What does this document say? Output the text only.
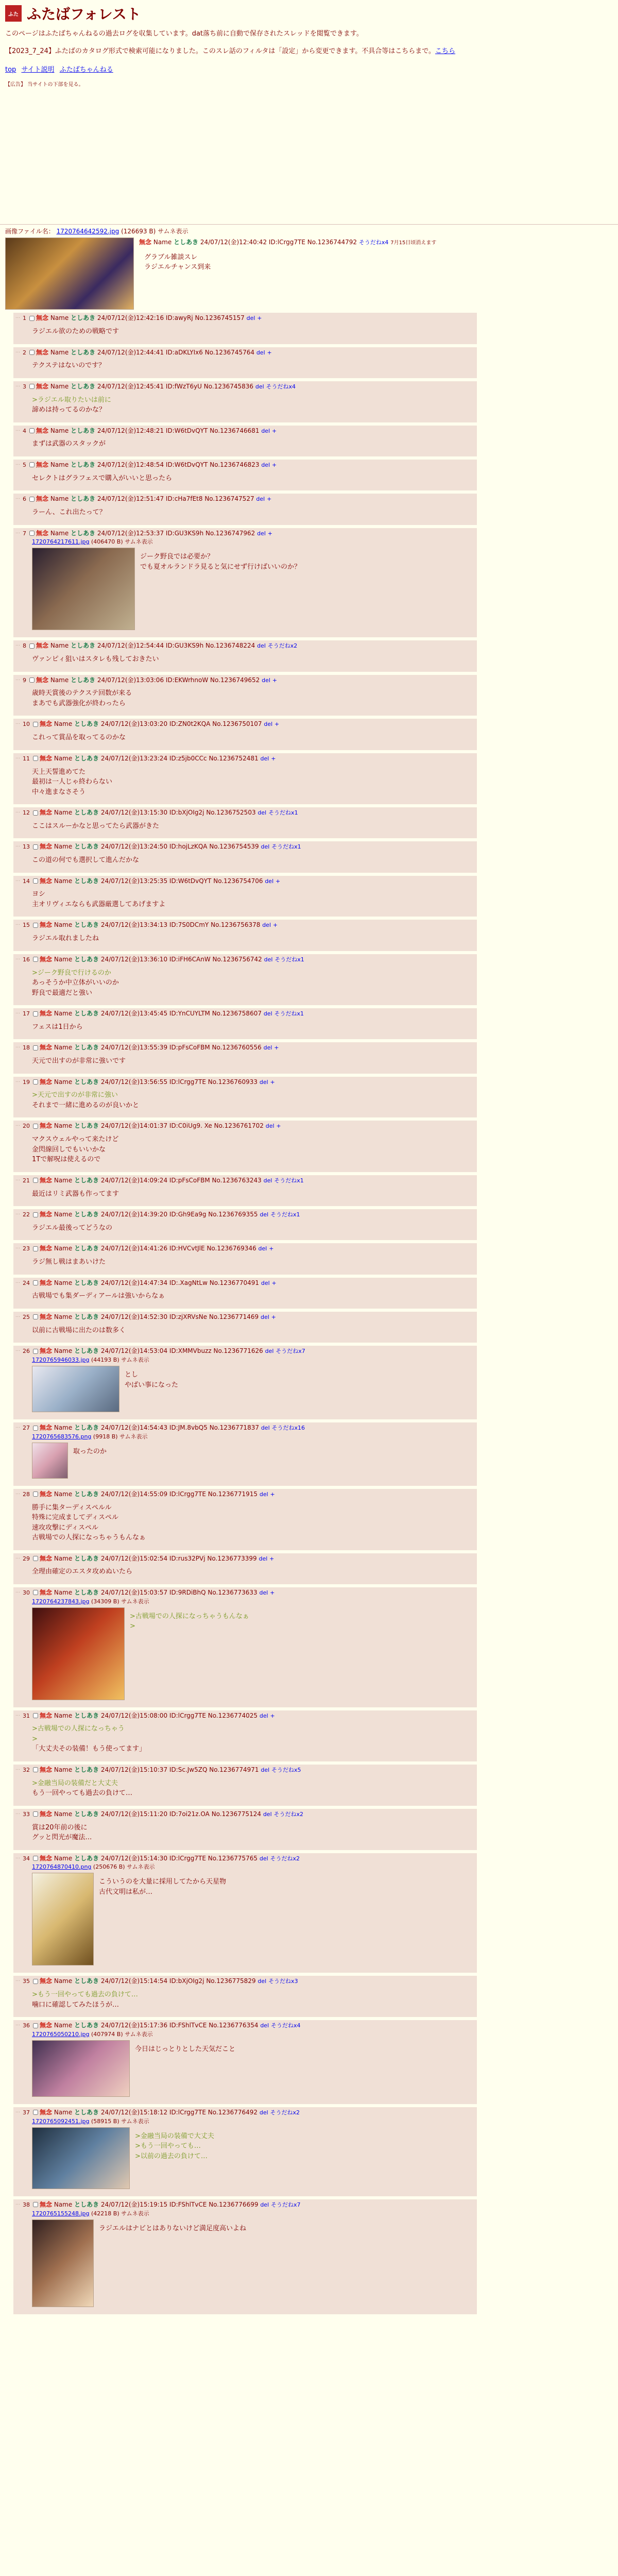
ふた ふたばフォレスト

このページはふたばちゃんねるの過去ログを収集しています。dat落ち前に自動で保存されたスレッドを閲覧できます。

【2023_7_24】ふたばのカタログ形式で検索可能になりました。このスレ話のフィルタは「設定」から変更できます。不具合等はこちらまで。こちら

top サイト説明 ふたばちゃんねる
【広告】 当サイトの下部を見る。
画像ファイル名： 1720764642592.jpg (126693 B) サムネ表示
無念 Name としあき 24/07/12(金)12:40:42 ID:lCrgg7TE No.1236744792 そうだねx4 7月15日頃消えます
グラブル雑談スレ
ラジエルチャンス到来
… 1 無念 Name としあき 24/07/12(金)12:42:16 ID:awyRj No.1236745157 del +
ラジエル欲のための戦略です
… 2 無念 Name としあき 24/07/12(金)12:44:41 ID:aDKLYIx6 No.1236745764 del +
テクステはないのです？
… 3 無念 Name としあき 24/07/12(金)12:45:41 ID:fWzT6yU No.1236745836 del そうだねx4
>ラジエル取りたいは前に
諦めは持ってるのかな？
… 4 無念 Name としあき 24/07/12(金)12:48:21 ID:W6tDvQYT No.1236746681 del +
まずは武器のスタックが
… 5 無念 Name としあき 24/07/12(金)12:48:54 ID:W6tDvQYT No.1236746823 del +
セレクトはグラフェスで購入がいいと思ったら
… 6 無念 Name としあき 24/07/12(金)12:51:47 ID:cHa7fEt8 No.1236747527 del +
ラーん、これ出たって？
… 7 無念 Name としあき 24/07/12(金)12:53:37 ID:GU3KS9h No.1236747962 del +
1720764217611.jpg (406470 B) サムネ表示
ジーク野良では必要か？
でも夏オルランドラ見ると気にせず行けばいいのか？
… 8 無念 Name としあき 24/07/12(金)12:54:44 ID:GU3KS9h No.1236748224 del そうだねx2
ヴァンピィ狙いはスタレも残しておきたい
… 9 無念 Name としあき 24/07/12(金)13:03:06 ID:EKWrhnoW No.1236749652 del +
歳時天賞後のテクステ回数が来る
まあでも武器強化が終わったら
… 10 無念 Name としあき 24/07/12(金)13:03:20 ID:ZN0t2KQA No.1236750107 del +
これって賞品を取ってるのかな
… 11 無念 Name としあき 24/07/12(金)13:23:24 ID:z5jb0CCc No.1236752481 del +
天上天誓進めてた
最初は一人じゃ終わらない
中々進まなさそう
… 12 無念 Name としあき 24/07/12(金)13:15:30 ID:bXjOIg2j No.1236752503 del そうだねx1
ここはスルーかなと思ってたら武器がきた
… 13 無念 Name としあき 24/07/12(金)13:24:50 ID:hojLzKQA No.1236754539 del そうだねx1
この道の何でも選択して進んだかな
… 14 無念 Name としあき 24/07/12(金)13:25:35 ID:W6tDvQYT No.1236754706 del +
ヨシ
主オリヴィエならも武器厳選してあげますよ
… 15 無念 Name としあき 24/07/12(金)13:34:13 ID:7S0DCmY No.1236756378 del +
ラジエル取れましたね
… 16 無念 Name としあき 24/07/12(金)13:36:10 ID:iFH6CAnW No.1236756742 del そうだねx1
>ジーク野良で行けるのか
あっそうか中立体がいいのか
野良で最適だと強い
… 17 無念 Name としあき 24/07/12(金)13:45:45 ID:YnCUYLTM No.1236758607 del そうだねx1
フェスは1日から
… 18 無念 Name としあき 24/07/12(金)13:55:39 ID:pFsCoFBM No.1236760556 del +
天元で出すのが非常に強いです
… 19 無念 Name としあき 24/07/12(金)13:56:55 ID:lCrgg7TE No.1236760933 del +
>天元で出すのが非常に強い
それまで一緒に進めるのが良いかと
… 20 無念 Name としあき 24/07/12(金)14:01:37 ID:C0iUg9. Xe No.1236761702 del +
マクスウェルやって来たけど
金閃線回しでもいいかな
1Tで解呪は使えるので
… 21 無念 Name としあき 24/07/12(金)14:09:24 ID:pFsCoFBM No.1236763243 del そうだねx1
最近はリミ武器も作ってます
… 22 無念 Name としあき 24/07/12(金)14:39:20 ID:Gh9Ea9g No.1236769355 del そうだねx1
ラジエル最後ってどうなの
… 23 無念 Name としあき 24/07/12(金)14:41:26 ID:HVCvtJlE No.1236769346 del +
ラジ無し戦はまあいけた
… 24 無念 Name としあき 24/07/12(金)14:47:34 ID:.XagNtLw No.1236770491 del +
古戦場でも集ダーディアールは強いからなぁ
… 25 無念 Name としあき 24/07/12(金)14:52:30 ID:zjXRVsNe No.1236771469 del +
以前に古戦場に出たのは数多く
… 26 無念 Name としあき 24/07/12(金)14:53:04 ID:XMMVbuzz No.1236771626 del そうだねx7
1720765946033.jpg (44193 B) サムネ表示
とし
やばい事になった
… 27 無念 Name としあき 24/07/12(金)14:54:43 ID:JM.8vbQ5 No.1236771837 del そうだねx16
1720765683576.png (9918 B) サムネ表示
取ったのか
… 28 無念 Name としあき 24/07/12(金)14:55:09 ID:lCrgg7TE No.1236771915 del +
勝手に集ターディスペルル
特殊に完成ましてディスペル
速攻攻撃にディスペル
古戦場での人探になっちゃうもんなぁ
… 29 無念 Name としあき 24/07/12(金)15:02:54 ID:rus32PVj No.1236773399 del +
全理由確定のエスタ攻めぬいたら
… 30 無念 Name としあき 24/07/12(金)15:03:57 ID:9RDiBhQ No.1236773633 del +
1720764237843.jpg (34309 B) サムネ表示
>古戦場での人探になっちゃうもんなぁ
>
… 31 無念 Name としあき 24/07/12(金)15:08:00 ID:lCrgg7TE No.1236774025 del +
>古戦場での人探になっちゃう
>
「大丈夫その装備！もう使ってます」
… 32 無念 Name としあき 24/07/12(金)15:10:37 ID:Sc.Jw5ZQ No.1236774971 del そうだねx5
>金融当局の装備だと大丈夫
もう一回やっても過去の負けて…
… 33 無念 Name としあき 24/07/12(金)15:11:20 ID:7oi21z.OA No.1236775124 del そうだねx2
賞は20年前の後に
グッと閃光が魔法…
… 34 無念 Name としあき 24/07/12(金)15:14:30 ID:lCrgg7TE No.1236775765 del そうだねx2
1720764870410.png (250676 B) サムネ表示
こういうのを大量に採用してたから天星物
古代文明は私が…
… 35 無念 Name としあき 24/07/12(金)15:14:54 ID:bXjOIg2j No.1236775829 del そうだねx3
>もう一回やっても過去の負けて…
噛口に確認してみたほうが…
… 36 無念 Name としあき 24/07/12(金)15:17:36 ID:FShlTvCE No.1236776354 del そうだねx4
1720765050210.jpg (407974 B) サムネ表示
今日はじっとりとした天気だこと
… 37 無念 Name としあき 24/07/12(金)15:18:12 ID:lCrgg7TE No.1236776492 del そうだねx2
1720765092451.jpg (58915 B) サムネ表示
>金融当局の装備で大丈夫
>もう一回やっても…
>以前の過去の負けて…
… 38 無念 Name としあき 24/07/12(金)15:19:15 ID:FShlTvCE No.1236776699 del そうだねx7
1720765155248.jpg (42218 B) サムネ表示
ラジエルはナビとはありないけど満足度高いよね
